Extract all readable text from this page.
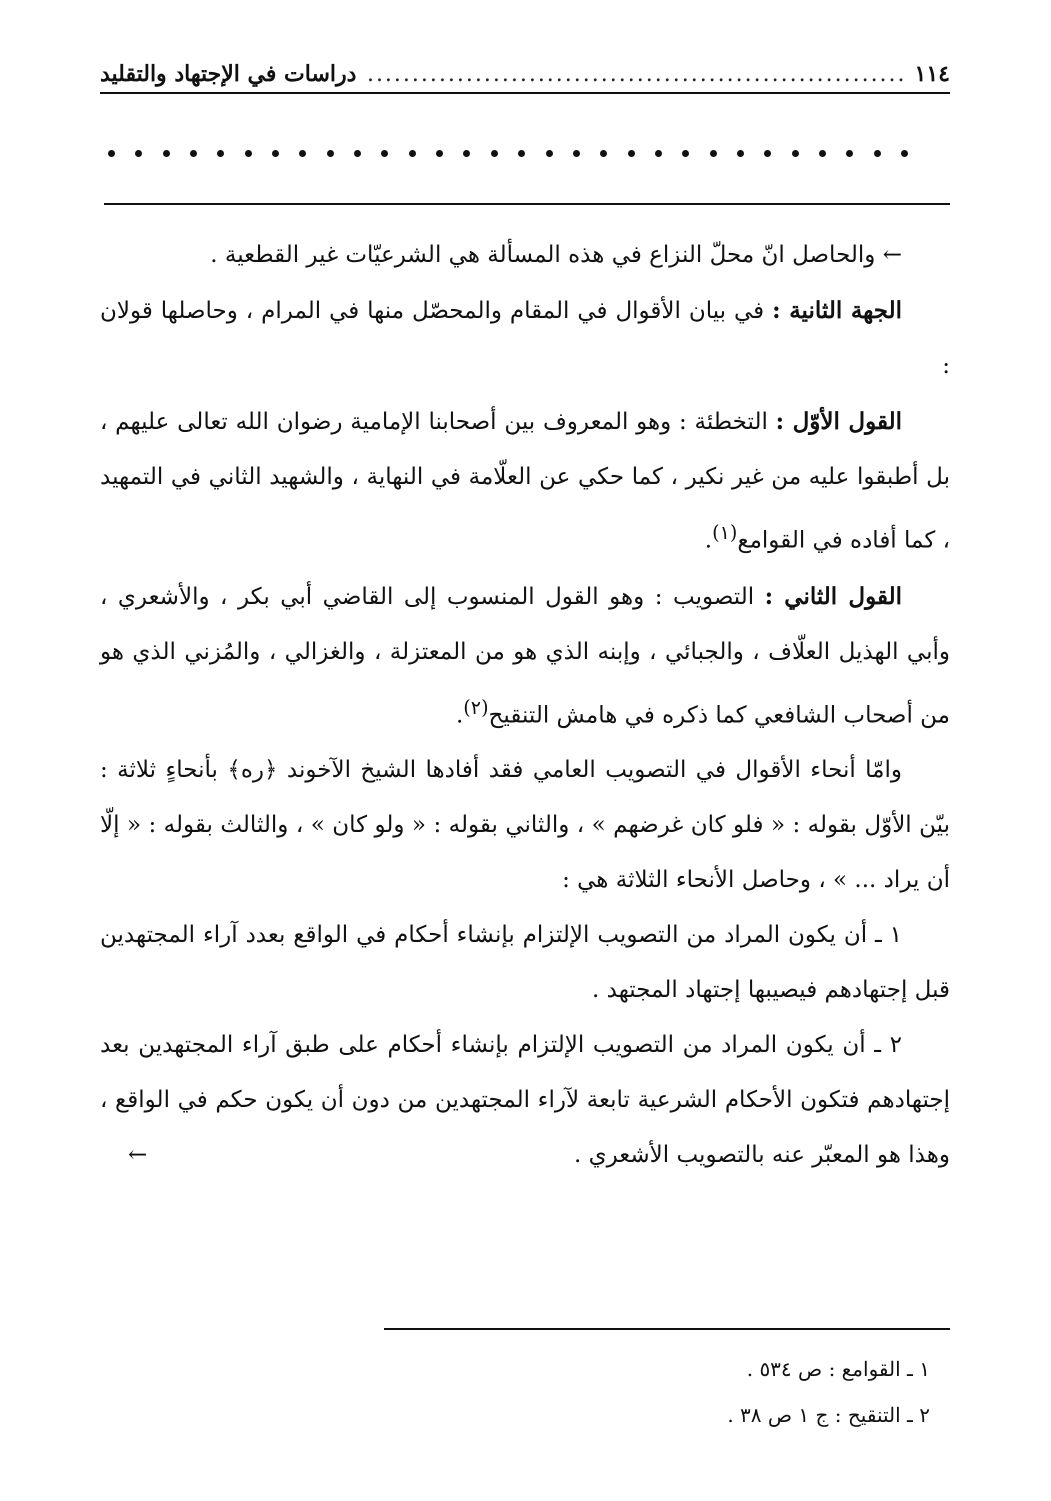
١١٤
.....
دراسات في الإجتهاد والتقليد

← والحاصل انّ محلّ النزاع في هذه المسألة هي الشرعيّات غير القطعية .

الجهة الثانية : في بيان الأقوال في المقام والمحصّل منها في المرام ، وحاصلها قولان :

القول الأوّل : التخطئة : وهو المعروف بين أصحابنا الإمامية رضوان الله تعالى عليهم ، بل أطبقوا عليه من غير نكير ، كما حكي عن العلّامة في النهاية ، والشهيد الثاني في التمهيد ، كما أفاده في القوامع$^{(١)}$.

القول الثاني : التصويب : وهو القول المنسوب إلى القاضي أبي بكر ، والأشعري ، وأبي الهذيل العلّاف ، والجبائي ، وإبنه الذي هو من المعتزلة ، والغزالي ، والمُزني الذي هو من أصحاب الشافعي كما ذكره في هامش التنقيح$^{(٢)}$.

وامّا أنحاء الأقوال في التصويب العامي فقد أفادها الشيخ الآخوند ﴿ره﴾ بأنحاءٍ ثلاثة : بيّن الأوّل بقوله : « فلو كان غرضهم » ، والثاني بقوله : « ولو كان » ، والثالث بقوله : « إلّا أن يراد ... » ، وحاصل الأنحاء الثلاثة هي :

١ ـ أن يكون المراد من التصويب الإلتزام بإنشاء أحكام في الواقع بعدد آراء المجتهدين قبل إجتهادهم فيصيبها إجتهاد المجتهد .

٢ ـ أن يكون المراد من التصويب الإلتزام بإنشاء أحكام على طبق آراء المجتهدين بعد إجتهادهم فتكون الأحكام الشرعية تابعة لآراء المجتهدين من دون أن يكون حكم في الواقع ، وهذا هو المعبّر عنه بالتصويب الأشعري .
←

١ ـ القوامع : ص ٥٣٤ .

٢ ـ التنقيح : ج ١ ص ٣٨ .
